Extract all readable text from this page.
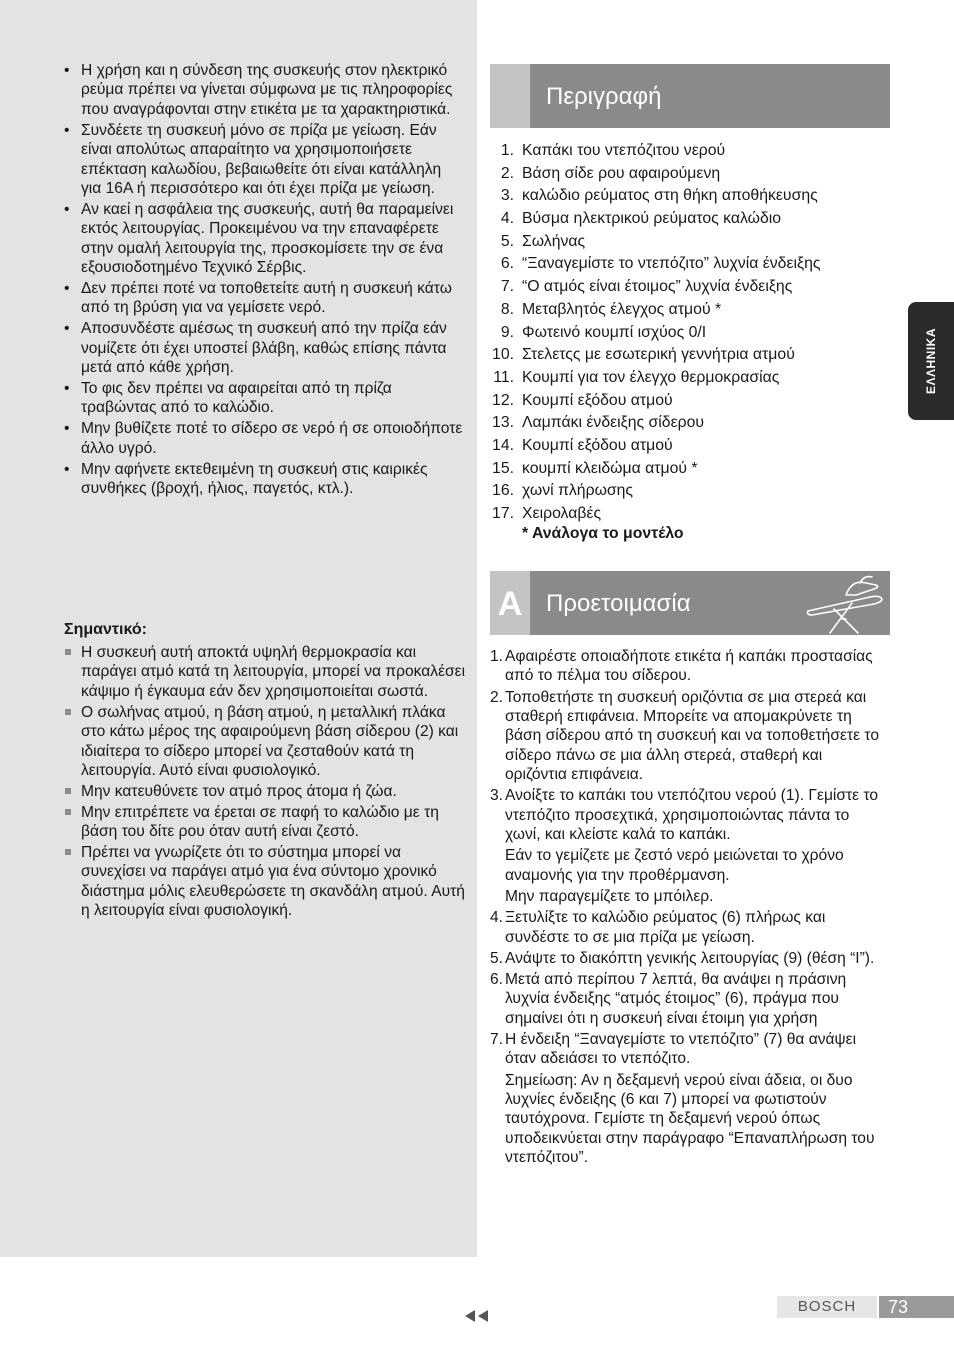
• Η χρήση και η σύνδεση της συσκευής στον ηλεκτρικό ρεύμα πρέπει να γίνεται σύμφωνα με τις πληροφορίες που αναγράφονται στην ετικέτα με τα χαρακτηριστικά.
• Συνδέετε τη συσκευή μόνο σε πρίζα με γείωση. Εάν είναι απολύτως απαραίτητο να χρησιμοποιήσετε επέκταση καλωδίου, βεβαιωθείτε ότι είναι κατάλληλη για 16Α ή περισσότερο και ότι έχει πρίζα με γείωση.
• Αν καεί η ασφάλεια της συσκευής, αυτή θα παραμείνει εκτός λειτουργίας. Προκειμένου να την επαναφέρετε στην ομαλή λειτουργία της, προσκομίσετε την σε ένα εξουσιοδοτημένο Τεχνικό Σέρβις.
• Δεν πρέπει ποτέ να τοποθετείτε αυτή η συσκευή κάτω από τη βρύση για να γεμίσετε νερό.
• Αποσυνδέστε αμέσως τη συσκευή από την πρίζα εάν νομίζετε ότι έχει υποστεί βλάβη, καθώς επίσης πάντα μετά από κάθε χρήση.
• Το φις δεν πρέπει να αφαιρείται από τη πρίζα τραβώντας από το καλώδιο.
• Μην βυθίζετε ποτέ το σίδερο σε νερό ή σε οποιοδήποτε άλλο υγρό.
• Μην αφήνετε εκτεθειμένη τη συσκευή στις καιρικές συνθήκες (βροχή, ήλιος, παγετός, κτλ.).
Σημαντικό:
Η συσκευή αυτή αποκτά υψηλή θερμοκρασία και παράγει ατμό κατά τη λειτουργία, μπορεί να προκαλέσει κάψιμο ή έγκαυμα εάν δεν χρησιμοποιείται σωστά.
Ο σωλήνας ατμού, η βάση ατμού, η μεταλλική πλάκα στο κάτω μέρος της αφαιρούμενη βάση σίδερου (2) και ιδιαίτερα το σίδερο μπορεί να ζεσταθούν κατά τη λειτουργία. Αυτό είναι φυσιολογικό.
Μην κατευθύνετε τον ατμό προς άτομα ή ζώα.
Μην επιτρέπετε να έρεται σε παφή το καλώδιο με τη βάση του δίτε ρου όταν αυτή είναι ζεστό.
Πρέπει να γνωρίζετε ότι το σύστημα μπορεί να συνεχίσει να παράγει ατμό για ένα σύντομο χρονικό διάστημα μόλις ελευθερώσετε τη σκανδάλη ατμού. Αυτή η λειτουργία είναι φυσιολογική.
Περιγραφή
1. Καπάκι του ντεπόζιτου νερού
2. Βάση σίδε ρου αφαιρούμενη
3. καλώδιο ρεύματος στη θήκη αποθήκευσης
4. Βύσμα ηλεκτρικού ρεύματος καλώδιο
5. Σωλήνας
6. “Ξαναγεμίστε το ντεπόζιτο” λυχνία ένδειξης
7. “Ο ατμός είναι έτοιμος” λυχνία ένδειξης
8. Μεταβλητός έλεγχος ατμού *
9. Φωτεινό κουμπί ισχύος 0/I
10. Στελετςς με εσωτερική γεννήτρια ατμού
11. Κουμπί για τον έλεγχο θερμοκρασίας
12. Κουμπί εξόδου ατμού
13. Λαμπάκι ένδειξης σίδερου
14. Κουμπί εξόδου ατμού
15. κουμπί κλειδώμα ατμού *
16. χωνί πλήρωσης
17. Χειρολαβές
* Ανάλογα το μοντέλο
A Προετοιμασία
1. Αφαιρέστε οποιαδήποτε ετικέτα ή καπάκι προστασίας από το πέλμα του σίδερου.
2. Τοποθετήστε τη συσκευή οριζόντια σε μια στερεά και σταθερή επιφάνεια. Μπορείτε να απομακρύνετε τη βάση σίδερου από τη συσκευή και να τοποθετήσετε το σίδερο πάνω σε μια άλλη στερεά, σταθερή και οριζόντια επιφάνεια.
3. Ανοίξτε το καπάκι του ντεπόζιτου νερού (1). Γεμίστε το ντεπόζιτο προσεχτικά, χρησιμοποιώντας πάντα το χωνί, και κλείστε καλά το καπάκι.
Εάν το γεμίζετε με ζεστό νερό μειώνεται το χρόνο αναμονής για την προθέρμανση.
Μην παραγεμίζετε το μπόιλερ.
4. Ξετυλίξτε το καλώδιο ρεύματος (6) πλήρως και συνδέστε το σε μια πρίζα με γείωση.
5. Ανάψτε το διακόπτη γενικής λειτουργίας (9) (θέση “I”).
6. Μετά από περίπου 7 λεπτά, θα ανάψει η πράσινη λυχνία ένδειξης “ατμός έτοιμος” (6), πράγμα που σημαίνει ότι η συσκευή είναι έτοιμη για χρήση
7. Η ένδειξη “Ξαναγεμίστε το ντεπόζιτο” (7) θα ανάψει όταν αδειάσει το ντεπόζιτο.
Σημείωση: Αν η δεξαμενή νερού είναι άδεια, οι δυο λυχνίες ένδειξης (6 και 7) μπορεί να φωτιστούν ταυτόχρονα. Γεμίστε τη δεξαμενή νερού όπως υποδεικνύεται στην παράγραφο “Επαναπλήρωση του ντεπόζιτου”.
ΕΛΛΗΝΙΚΑ
BOSCH	73
